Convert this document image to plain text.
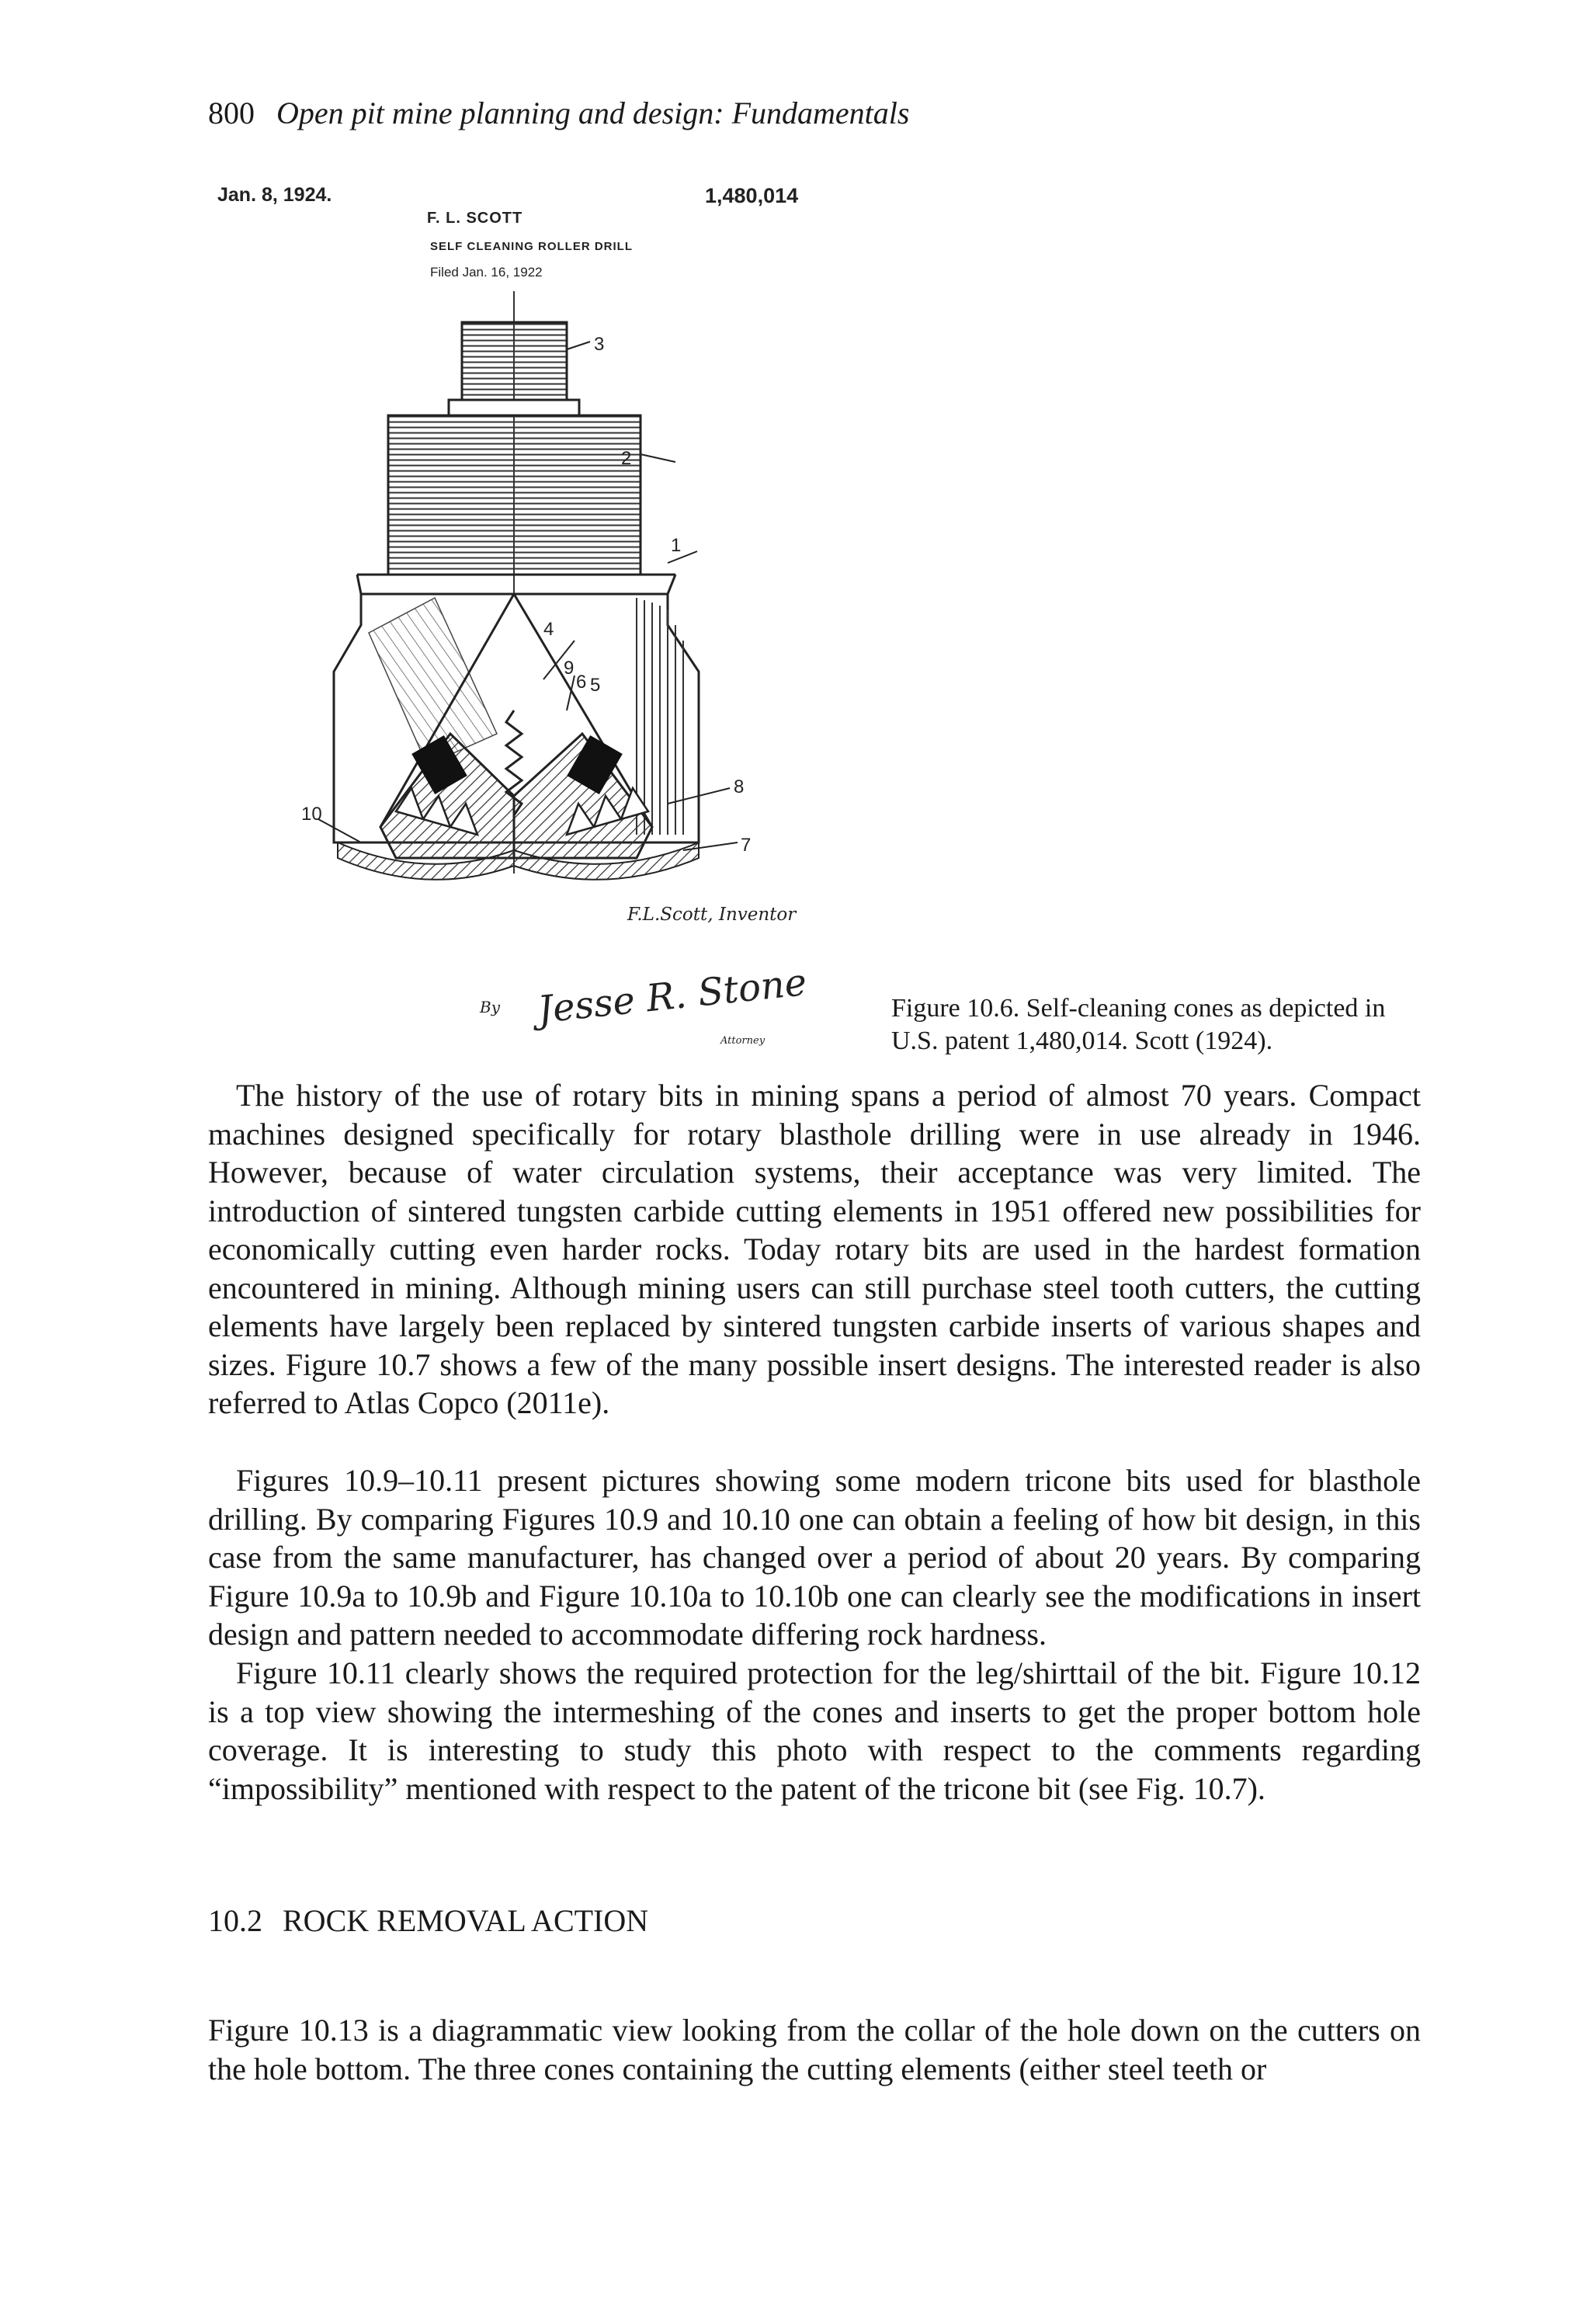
800 Open pit mine planning and design: Fundamentals
Jan. 8, 1924.	1,480,014
F. L. SCOTT
SELF CLEANING ROLLER DRILL
Filed Jan. 16, 1922
3
2
1
4
9
6 5
8
10
7
F.L.Scott, Inventor
By Jesse R. Stone
Attorney
Figure 10.6. Self-cleaning cones as depicted in U.S. patent 1,480,014. Scott (1924).

The history of the use of rotary bits in mining spans a period of almost 70 years. Compact machines designed specifically for rotary blasthole drilling were in use already in 1946. However, because of water circulation systems, their acceptance was very limited. The introduction of sintered tungsten carbide cutting elements in 1951 offered new possibilities for economically cutting even harder rocks. Today rotary bits are used in the hardest formation encountered in mining. Although mining users can still purchase steel tooth cutters, the cutting elements have largely been replaced by sintered tungsten carbide inserts of various shapes and sizes. Figure 10.7 shows a few of the many possible insert designs. The interested reader is also referred to Atlas Copco (2011e).

Figures 10.9–10.11 present pictures showing some modern tricone bits used for blasthole drilling. By comparing Figures 10.9 and 10.10 one can obtain a feeling of how bit design, in this case from the same manufacturer, has changed over a period of about 20 years. By comparing Figure 10.9a to 10.9b and Figure 10.10a to 10.10b one can clearly see the modifications in insert design and pattern needed to accommodate differing rock hardness.

Figure 10.11 clearly shows the required protection for the leg/shirttail of the bit. Figure 10.12 is a top view showing the intermeshing of the cones and inserts to get the proper bottom hole coverage. It is interesting to study this photo with respect to the comments regarding “impossibility” mentioned with respect to the patent of the tricone bit (see Fig. 10.7).

10.2 ROCK REMOVAL ACTION

Figure 10.13 is a diagrammatic view looking from the collar of the hole down on the cutters on the hole bottom. The three cones containing the cutting elements (either steel teeth or
